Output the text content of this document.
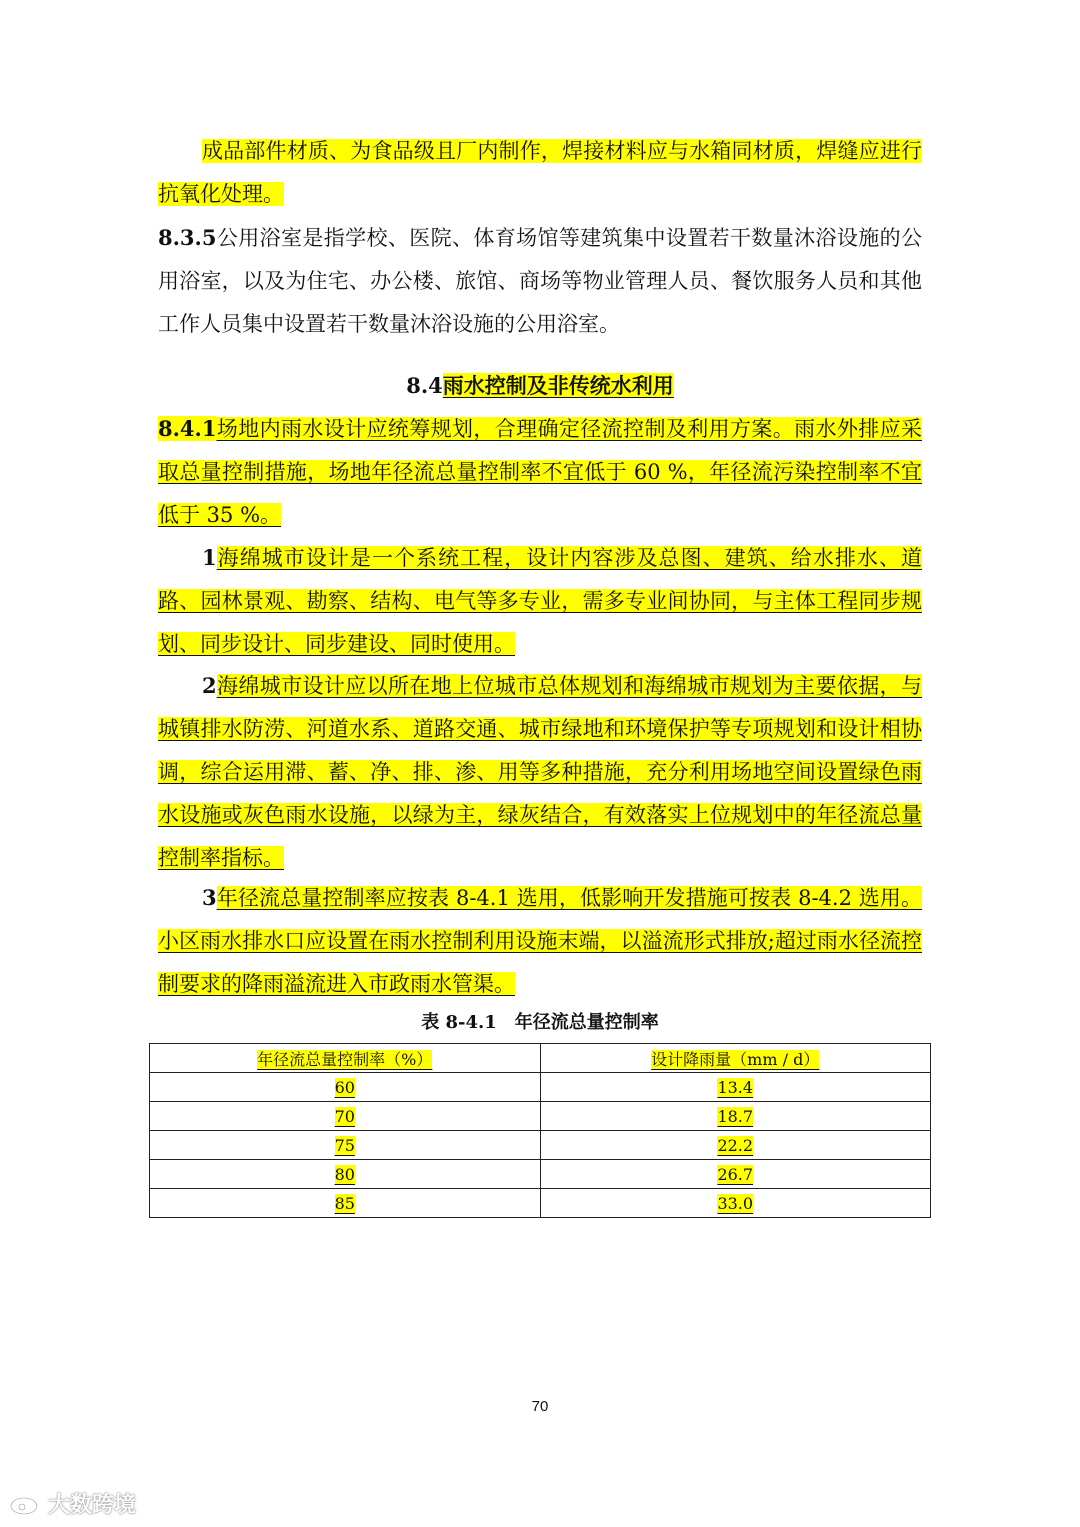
成品部件材质、为食品级且厂内制作，焊接材料应与水箱同材质，焊缝应进行抗氧化处理。

8.3.5公用浴室是指学校、医院、体育场馆等建筑集中设置若干数量沐浴设施的公用浴室，以及为住宅、办公楼、旅馆、商场等物业管理人员、餐饮服务人员和其他工作人员集中设置若干数量沐浴设施的公用浴室。

8.4雨水控制及非传统水利用

8.4.1场地内雨水设计应统筹规划，合理确定径流控制及利用方案。雨水外排应采取总量控制措施，场地年径流总量控制率不宜低于 60 %，年径流污染控制率不宜低于 35 %。

1海绵城市设计是一个系统工程，设计内容涉及总图、建筑、给水排水、道路、园林景观、勘察、结构、电气等多专业，需多专业间协同，与主体工程同步规划、同步设计、同步建设、同时使用。

2海绵城市设计应以所在地上位城市总体规划和海绵城市规划为主要依据，与城镇排水防涝、河道水系、道路交通、城市绿地和环境保护等专项规划和设计相协调，综合运用滞、蓄、净、排、渗、用等多种措施，充分利用场地空间设置绿色雨水设施或灰色雨水设施，以绿为主，绿灰结合，有效落实上位规划中的年径流总量控制率指标。

3年径流总量控制率应按表 8-4.1 选用，低影响开发措施可按表 8-4.2 选用。小区雨水排水口应设置在雨水控制利用设施末端，以溢流形式排放;超过雨水径流控制要求的降雨溢流进入市政雨水管渠。

表 8-4.1　年径流总量控制率
年径流总量控制率（%）	设计降雨量（mm / d）
60	13.4
70	18.7
75	22.2
80	26.7
85	33.0
70
大数跨境
